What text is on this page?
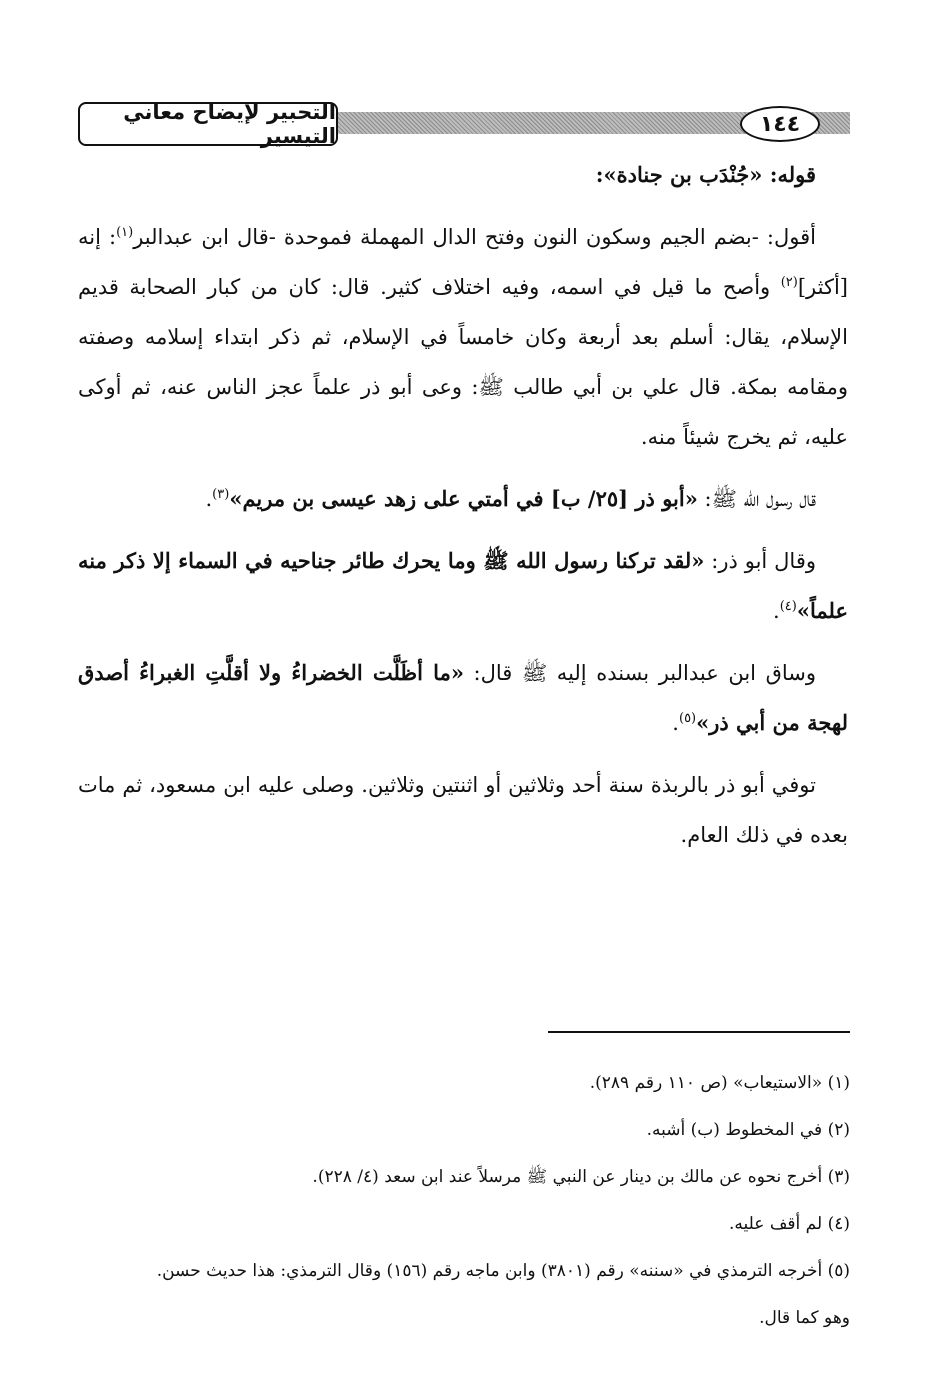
التحبير لإيضاح معاني التيسير	١٤٤

قوله: «جُنْدَب بن جنادة»:

أقول: -بضم الجيم وسكون النون وفتح الدال المهملة فموحدة -قال ابن عبدالبر$^{(١)}$: إنه [أكثر]$^{(٢)}$ وأصح ما قيل في اسمه، وفيه اختلاف كثير. قال: كان من كبار الصحابة قديم الإسلام، يقال: أسلم بعد أربعة وكان خامساً في الإسلام، ثم ذكر ابتداء إسلامه وصفته ومقامه بمكة. قال علي بن أبي طالب ﷺ: وعى أبو ذر علماً عجز الناس عنه، ثم أوكى عليه، ثم يخرج شيئاً منه.

قال رسول الله ﷺ: «أبو ذر [٢٥/ ب] في أمتي على زهد عيسى بن مريم»$^{(٣)}$.

وقال أبو ذر: «لقد تركنا رسول الله ﷺ وما يحرك طائر جناحيه في السماء إلا ذكر منه علماً»$^{(٤)}$.

وساق ابن عبدالبر بسنده إليه ﷺ قال: «ما أظَلَّت الخضراءُ ولا أقلَّتِ الغبراءُ أصدق لهجة من أبي ذر»$^{(٥)}$.

توفي أبو ذر بالربذة سنة أحد وثلاثين أو اثنتين وثلاثين. وصلى عليه ابن مسعود، ثم مات بعده في ذلك العام.

(١) «الاستيعاب» (ص ١١٠ رقم ٢٨٩).

(٢) في المخطوط (ب) أشبه.

(٣) أخرج نحوه عن مالك بن دينار عن النبي ﷺ مرسلاً عند ابن سعد (٤/ ٢٢٨).

(٤) لم أقف عليه.

(٥) أخرجه الترمذي في «سننه» رقم (٣٨٠١) وابن ماجه رقم (١٥٦) وقال الترمذي: هذا حديث حسن.

وهو كما قال.
